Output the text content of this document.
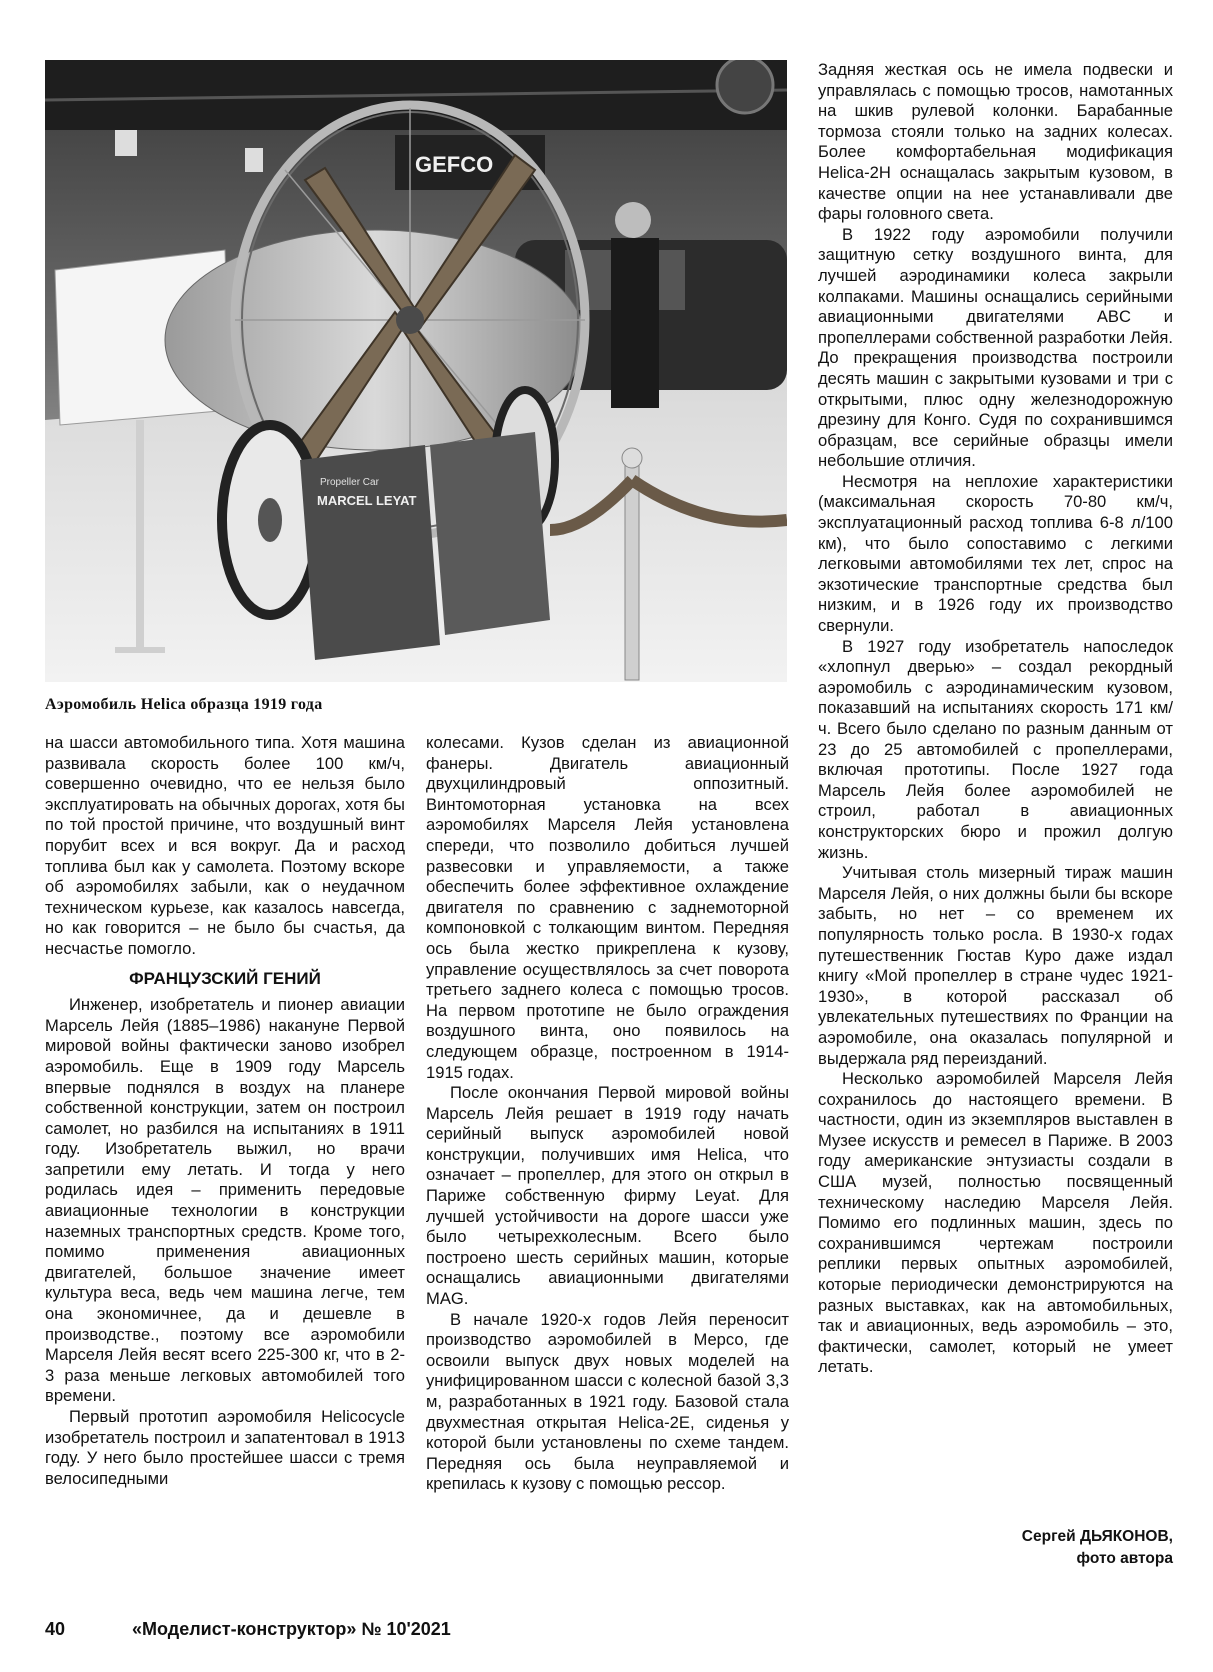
GEFCO
Propeller Car
MARCEL LEYAT
Аэромобиль Helica образца 1919 года

на шасси автомобильного типа. Хотя машина развивала скорость более 100 км/ч, совершенно очевидно, что ее нельзя было эксплуатировать на обычных дорогах, хотя бы по той простой причине, что воздушный винт порубит всех и вся вокруг. Да и расход топлива был как у самолета. Поэтому вскоре об аэромобилях забыли, как о неудачном техническом курьезе, как казалось навсегда, но как говорится – не было бы счастья, да несчастье помогло.

ФРАНЦУЗСКИЙ ГЕНИЙ

Инженер, изобретатель и пионер авиации Марсель Лейя (1885–1986) накануне Первой мировой войны фактически заново изобрел аэромобиль. Еще в 1909 году Марсель впервые поднялся в воздух на планере собственной конструкции, затем он построил самолет, но разбился на испытаниях в 1911 году. Изобретатель выжил, но врачи запретили ему летать. И тогда у него родилась идея – применить передовые авиационные технологии в конструкции наземных транспортных средств. Кроме того, помимо применения авиационных двигателей, большое значение имеет культура веса, ведь чем машина легче, тем она экономичнее, да и дешевле в производстве., поэтому все аэромобили Марселя Лейя весят всего 225-300 кг, что в 2-3 раза меньше легковых автомобилей того времени.

Первый прототип аэромобиля Helicocycle изобретатель построил и запатентовал в 1913 году. У него было простейшее шасси с тремя велосипедными

колесами. Кузов сделан из авиационной фанеры. Двигатель авиационный двухцилиндровый оппозитный. Винтомоторная установка на всех аэромобилях Марселя Лейя установлена спереди, что позволило добиться лучшей развесовки и управляемости, а также обеспечить более эффективное охлаждение двигателя по сравнению с заднемоторной компоновкой с толкающим винтом. Передняя ось была жестко прикреплена к кузову, управление осуществлялось за счет поворота третьего заднего колеса с помощью тросов. На первом прототипе не было ограждения воздушного винта, оно появилось на следующем образце, построенном в 1914-1915 годах.

После окончания Первой мировой войны Марсель Лейя решает в 1919 году начать серийный выпуск аэромобилей новой конструкции, получивших имя Helica, что означает – пропеллер, для этого он открыл в Париже собственную фирму Leyat. Для лучшей устойчивости на дороге шасси уже было четырехколесным. Всего было построено шесть серийных машин, которые оснащались авиационными двигателями MAG.

В начале 1920-х годов Лейя переносит производство аэромобилей в Мерсо, где освоили выпуск двух новых моделей на унифицированном шасси с колесной базой 3,3 м, разработанных в 1921 году. Базовой стала двухместная открытая Helica-2E, сиденья у которой были установлены по схеме тандем. Передняя ось была неуправляемой и крепилась к кузову с помощью рессор.

Задняя жесткая ось не имела подвески и управлялась с помощью тросов, намотанных на шкив рулевой колонки. Барабанные тормоза стояли только на задних колесах. Более комфортабельная модификация Helica-2H оснащалась закрытым кузовом, в качестве опции на нее устанавливали две фары головного света.

В 1922 году аэромобили получили защитную сетку воздушного винта, для лучшей аэродинамики колеса закрыли колпаками. Машины оснащались серийными авиационными двигателями ABC и пропеллерами собственной разработки Лейя. До прекращения производства построили десять машин с закрытыми кузовами и три с открытыми, плюс одну железнодорожную дрезину для Конго. Судя по сохранившимся образцам, все серийные образцы имели небольшие отличия.

Несмотря на неплохие характеристики (максимальная скорость 70-80 км/ч, эксплуатационный расход топлива 6-8 л/100 км), что было сопоставимо с легкими легковыми автомобилями тех лет, спрос на экзотические транспортные средства был низким, и в 1926 году их производство свернули.

В 1927 году изобретатель напоследок «хлопнул дверью» – создал рекордный аэромобиль с аэродинамическим кузовом, показавший на испытаниях скорость 171 км/ч. Всего было сделано по разным данным от 23 до 25 автомобилей с пропеллерами, включая прототипы. После 1927 года Марсель Лейя более аэромобилей не строил, работал в авиационных конструкторских бюро и прожил долгую жизнь.

Учитывая столь мизерный тираж машин Марселя Лейя, о них должны были бы вскоре забыть, но нет – со временем их популярность только росла. В 1930-х годах путешественник Гюстав Куро даже издал книгу «Мой пропеллер в стране чудес 1921-1930», в которой рассказал об увлекательных путешествиях по Франции на аэромобиле, она оказалась популярной и выдержала ряд переизданий.

Несколько аэромобилей Марселя Лейя сохранилось до настоящего времени. В частности, один из экземпляров выставлен в Музее искусств и ремесел в Париже. В 2003 году американские энтузиасты создали в США музей, полностью посвященный техническому наследию Марселя Лейя. Помимо его подлинных машин, здесь по сохранившимся чертежам построили реплики первых опытных аэромобилей, которые периодически демонстрируются на разных выставках, как на автомобильных, так и авиационных, ведь аэромобиль – это, фактически, самолет, который не умеет летать.

Сергей ДЬЯКОНОВ,
фото автора
40	«Моделист-конструктор» № 10'2021
